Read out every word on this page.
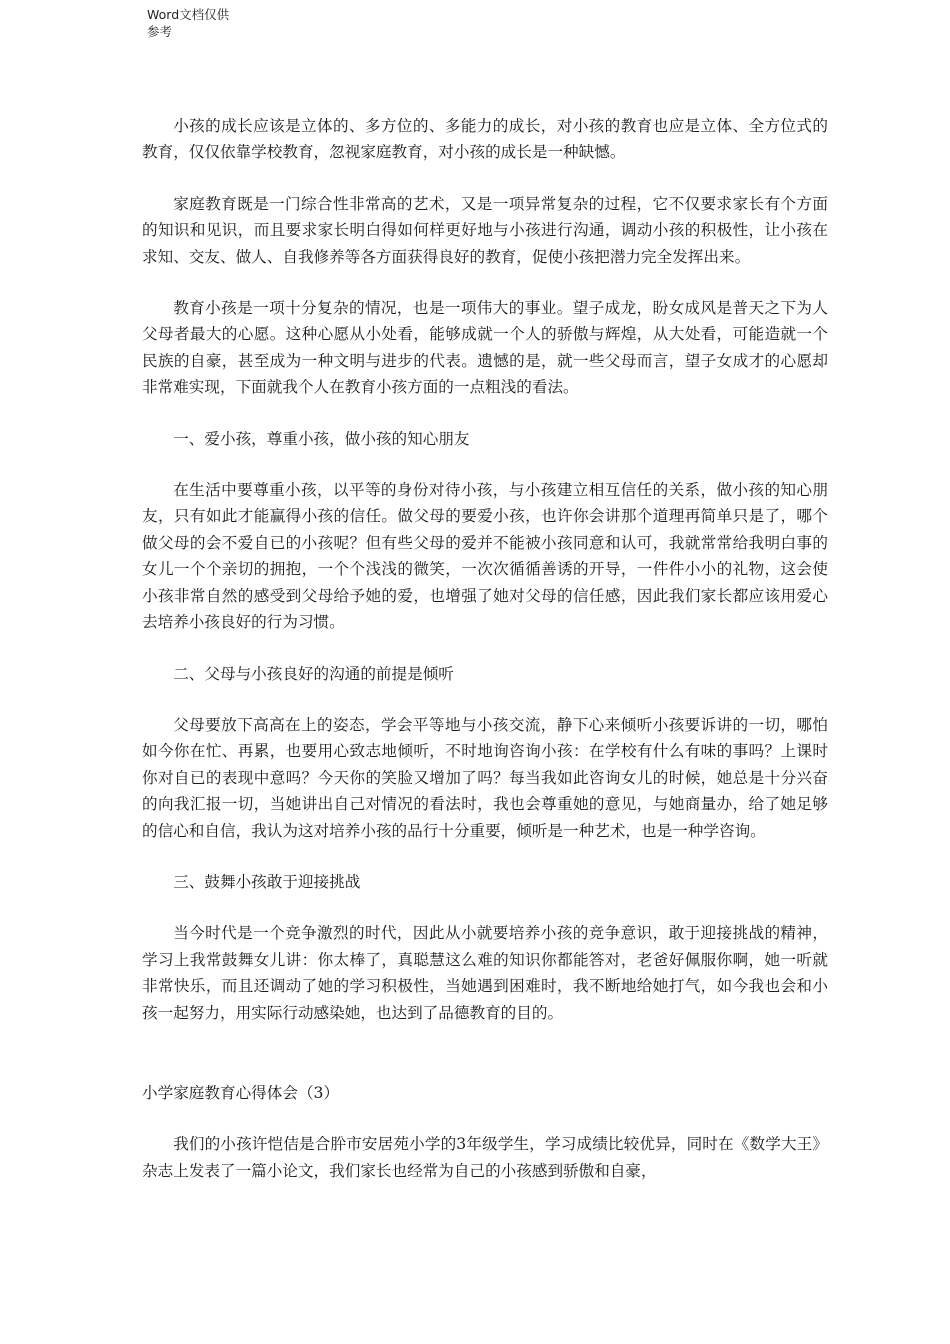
Word文档仅供参考

小孩的成长应该是立体的、多方位的、多能力的成长，对小孩的教育也应是立体、全方位式的教育，仅仅依靠学校教育，忽视家庭教育，对小孩的成长是一种缺憾。

家庭教育既是一门综合性非常高的艺术，又是一项异常复杂的过程，它不仅要求家长有个方面的知识和见识，而且要求家长明白得如何样更好地与小孩进行沟通，调动小孩的积极性，让小孩在求知、交友、做人、自我修养等各方面获得良好的教育，促使小孩把潜力完全发挥出来。

教育小孩是一项十分复杂的情况，也是一项伟大的事业。望子成龙，盼女成风是普天之下为人父母者最大的心愿。这种心愿从小处看，能够成就一个人的骄傲与辉煌，从大处看，可能造就一个民族的自豪，甚至成为一种文明与进步的代表。遗憾的是，就一些父母而言，望子女成才的心愿却非常难实现，下面就我个人在教育小孩方面的一点粗浅的看法。

一、爱小孩，尊重小孩，做小孩的知心朋友

在生活中要尊重小孩，以平等的身份对待小孩，与小孩建立相互信任的关系，做小孩的知心朋友，只有如此才能赢得小孩的信任。做父母的要爱小孩，也许你会讲那个道理再简单只是了，哪个做父母的会不爱自已的小孩呢？但有些父母的爱并不能被小孩同意和认可，我就常常给我明白事的女儿一个个亲切的拥抱，一个个浅浅的微笑，一次次循循善诱的开导，一件件小小的礼物，这会使小孩非常自然的感受到父母给予她的爱，也增强了她对父母的信任感，因此我们家长都应该用爱心去培养小孩良好的行为习惯。

二、父母与小孩良好的沟通的前提是倾听

父母要放下高高在上的姿态，学会平等地与小孩交流，静下心来倾听小孩要诉讲的一切，哪怕如今你在忙、再累，也要用心致志地倾听，不时地询咨询小孩：在学校有什么有味的事吗？上课时你对自已的表现中意吗？今天你的笑脸又增加了吗？每当我如此咨询女儿的时候，她总是十分兴奋的向我汇报一切，当她讲出自己对情况的看法时，我也会尊重她的意见，与她商量办，给了她足够的信心和自信，我认为这对培养小孩的品行十分重要，倾听是一种艺术，也是一种学咨询。

三、鼓舞小孩敢于迎接挑战

当今时代是一个竞争激烈的时代，因此从小就要培养小孩的竞争意识，敢于迎接挑战的精神，学习上我常鼓舞女儿讲：你太棒了，真聪慧这么难的知识你都能答对，老爸好佩服你啊，她一听就非常快乐，而且还调动了她的学习积极性，当她遇到困难时，我不断地给她打气，如今我也会和小孩一起努力，用实际行动感染她，也达到了品德教育的目的。

小学家庭教育心得体会（3）

我们的小孩许恺佶是合肸市安居苑小学的3年级学生，学习成绩比较优异，同时在《数学大王》杂志上发表了一篇小论文，我们家长也经常为自己的小孩感到骄傲和自豪，
